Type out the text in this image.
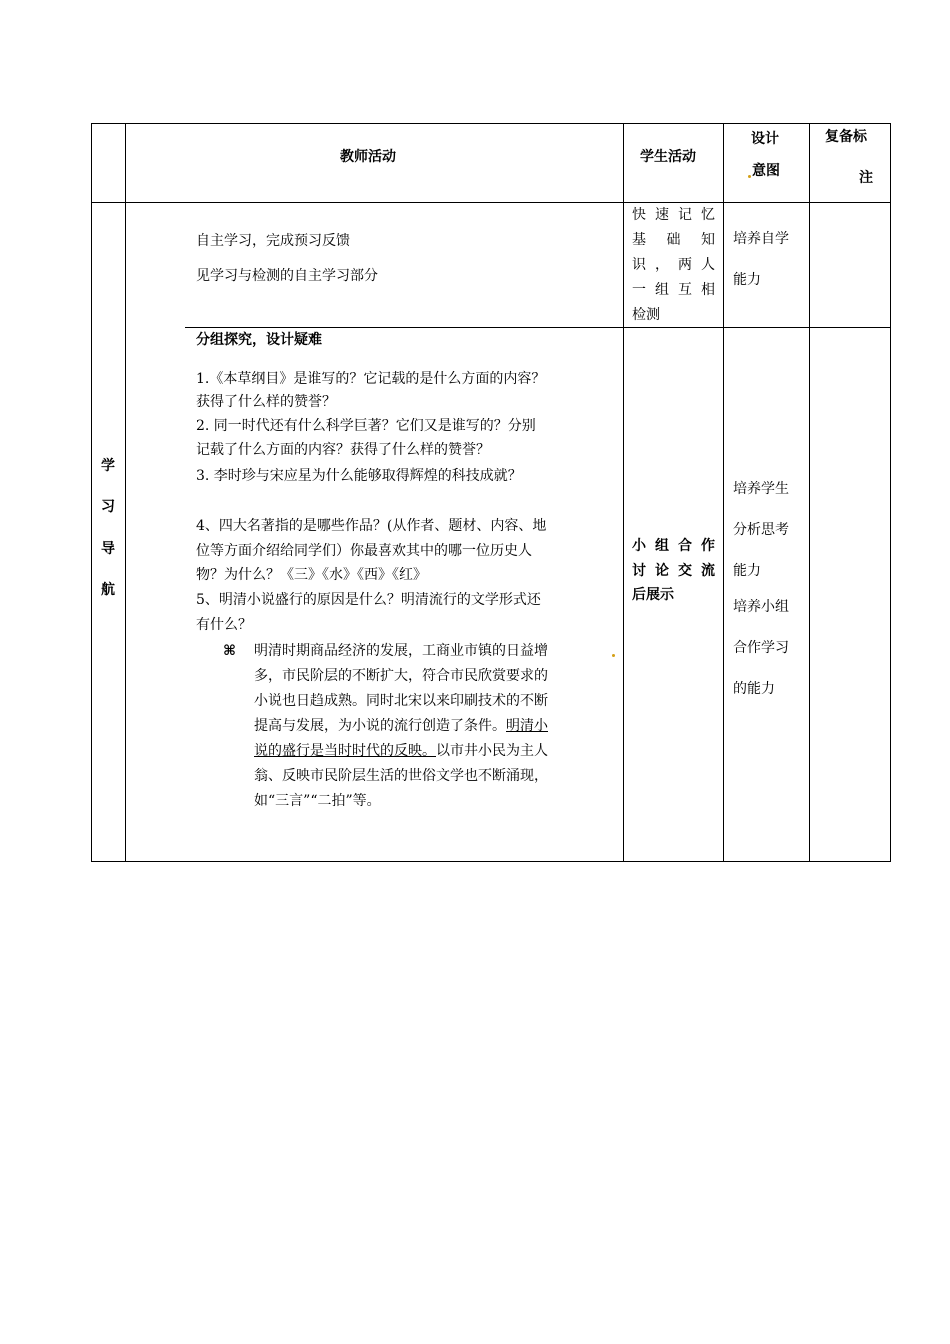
教师活动	学生活动
设计
意图
复备标
注
学
习
导
航
自主学习，完成预习反馈
见学习与检测的自主学习部分
快 速 记 忆
基 础 知
识 ， 两 人
一 组 互 相
检测
培养自学
能力
分组探究，设计疑难
1.《本草纲目》是谁写的？它记载的是什么方面的内容？
获得了什么样的赞誉？
2. 同一时代还有什么科学巨著？它们又是谁写的？分别
记载了什么方面的内容？获得了什么样的赞誉？
3. 李时珍与宋应星为什么能够取得辉煌的科技成就？
4、四大名著指的是哪些作品？(从作者、题材、内容、地
位等方面介绍给同学们）你最喜欢其中的哪一位历史人
物？为什么？《三》《水》《西》《红》
5、明清小说盛行的原因是什么？明清流行的文学形式还
有什么？
⌘ 明清时期商品经济的发展，工商业市镇的日益增
多，市民阶层的不断扩大，符合市民欣赏要求的
小说也日趋成熟。同时北宋以来印刷技术的不断
提高与发展，为小说的流行创造了条件。明清小
说的盛行是当时时代的反映。以市井小民为主人
翁、反映市民阶层生活的世俗文学也不断涌现，
如“三言”“二拍”等。
小 组 合 作
讨 论 交 流
后展示
培养学生
分析思考
能力
培养小组
合作学习
的能力
